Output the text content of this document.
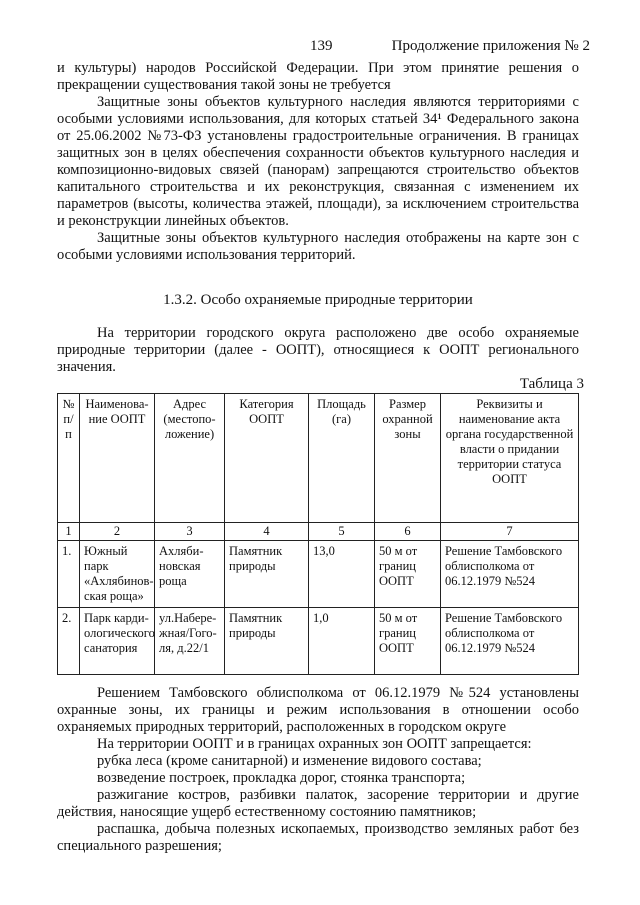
139	Продолжение приложения № 2

и культуры) народов Российской Федерации. При этом принятие решения о прекращении существования такой зоны не требуется

Защитные зоны объектов культурного наследия являются территориями с особыми условиями использования, для которых статьей 34¹ Федерального закона от 25.06.2002 №73-ФЗ установлены градостроительные ограничения. В границах защитных зон в целях обеспечения сохранности объектов культурного наследия и композиционно-видовых связей (панорам) запрещаются строительство объектов капитального строительства и их реконструкция, связанная с изменением их параметров (высоты, количества этажей, площади), за исключением строительства и реконструкции линейных объектов.

Защитные зоны объектов культурного наследия отображены на карте зон с особыми условиями использования территорий.

1.3.2. Особо охраняемые природные территории

На территории городского округа расположено две особо охраняемые природные территории (далее - ООПТ), относящиеся к ООПТ регионального значения.

Таблица 3
№ п/п	Наименова-ние ООПТ	Адрес (местопо-ложение)	Категория ООПТ	Площадь (га)	Размер охранной зоны	Реквизиты и наименование акта органа государственной власти о придании территории статуса ООПТ
1	2	3	4	5	6	7
1.	Южный парк «Ахлябинов-ская роща»	Ахляби-новская роща	Памятник природы	13,0	50 м от границ ООПТ	Решение Тамбовского облисполкома от 06.12.1979 №524
2.	Парк карди-ологического санатория	ул.Набере-жная/Гого-ля, д.22/1	Памятник природы	1,0	50 м от границ ООПТ	Решение Тамбовского облисполкома от 06.12.1979 №524

Решением Тамбовского облисполкома от 06.12.1979 №524 установлены охранные зоны, их границы и режим использования в отношении особо охраняемых природных территорий, расположенных в городском округе

На территории ООПТ и в границах охранных зон ООПТ запрещается:

рубка леса (кроме санитарной) и изменение видового состава;

возведение построек, прокладка дорог, стоянка транспорта;

разжигание костров, разбивки палаток, засорение территории и другие действия, наносящие ущерб естественному состоянию памятников;

распашка, добыча полезных ископаемых, производство земляных работ без специального разрешения;
